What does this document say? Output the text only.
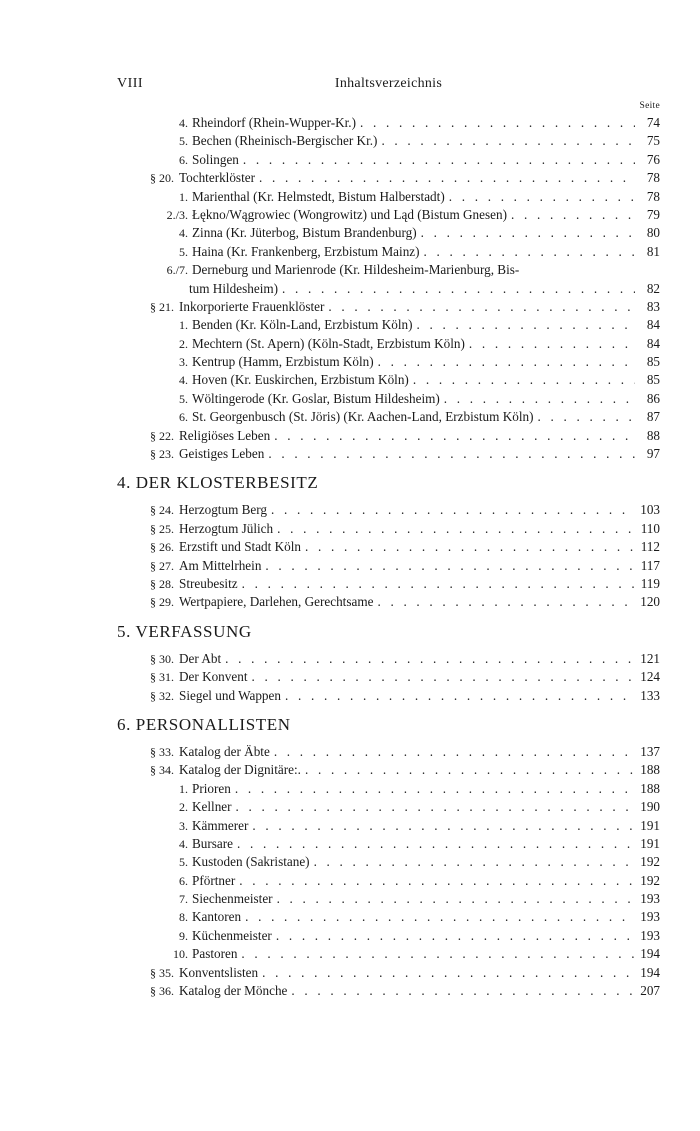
VIII	Inhaltsverzeichnis
Seite
4. Rheindorf (Rhein-Wupper-Kr.) . . .	74
5. Bechen (Rheinisch-Bergischer Kr.) . . .	75
6. Solingen . . .	76
§ 20. Tochterklöster . . .	78
1. Marienthal (Kr. Helmstedt, Bistum Halberstadt) . . .	78
2./3. Łękno/Wągrowiec (Wongrowitz) und Ląd (Bistum Gnesen) . . .	79
4. Zinna (Kr. Jüterbog, Bistum Brandenburg) . . .	80
5. Haina (Kr. Frankenberg, Erzbistum Mainz) . . .	81
6./7. Derneburg und Marienrode (Kr. Hildesheim-Marienburg, Bis-
tum Hildesheim) . . .	82
§ 21. Inkorporierte Frauenklöster . . .	83
1. Benden (Kr. Köln-Land, Erzbistum Köln) . . .	84
2. Mechtern (St. Apern) (Köln-Stadt, Erzbistum Köln) . . .	84
3. Kentrup (Hamm, Erzbistum Köln) . . .	85
4. Hoven (Kr. Euskirchen, Erzbistum Köln) . . .	85
5. Wöltingerode (Kr. Goslar, Bistum Hildesheim) . . .	86
6. St. Georgenbusch (St. Jöris) (Kr. Aachen-Land, Erzbistum Köln) . . .	87
§ 22. Religiöses Leben . . .	88
§ 23. Geistiges Leben . . .	97
4. DER KLOSTERBESITZ
§ 24. Herzogtum Berg . . .	103
§ 25. Herzogtum Jülich . . .	110
§ 26. Erzstift und Stadt Köln . . .	112
§ 27. Am Mittelrhein . . .	117
§ 28. Streubesitz . . .	119
§ 29. Wertpapiere, Darlehen, Gerechtsame . . .	120
5. VERFASSUNG
§ 30. Der Abt . . .	121
§ 31. Der Konvent . . .	124
§ 32. Siegel und Wappen . . .	133
6. PERSONALLISTEN
§ 33. Katalog der Äbte . . .	137
§ 34. Katalog der Dignitäre:. . . .	188
1. Prioren . . .	188
2. Kellner . . .	190
3. Kämmerer . . .	191
4. Bursare . . .	191
5. Kustoden (Sakristane) . . .	192
6. Pförtner . . .	192
7. Siechenmeister . . .	193
8. Kantoren . . .	193
9. Küchenmeister . . .	193
10. Pastoren . . .	194
§ 35. Konventslisten . . .	194
§ 36. Katalog der Mönche . . .	207
